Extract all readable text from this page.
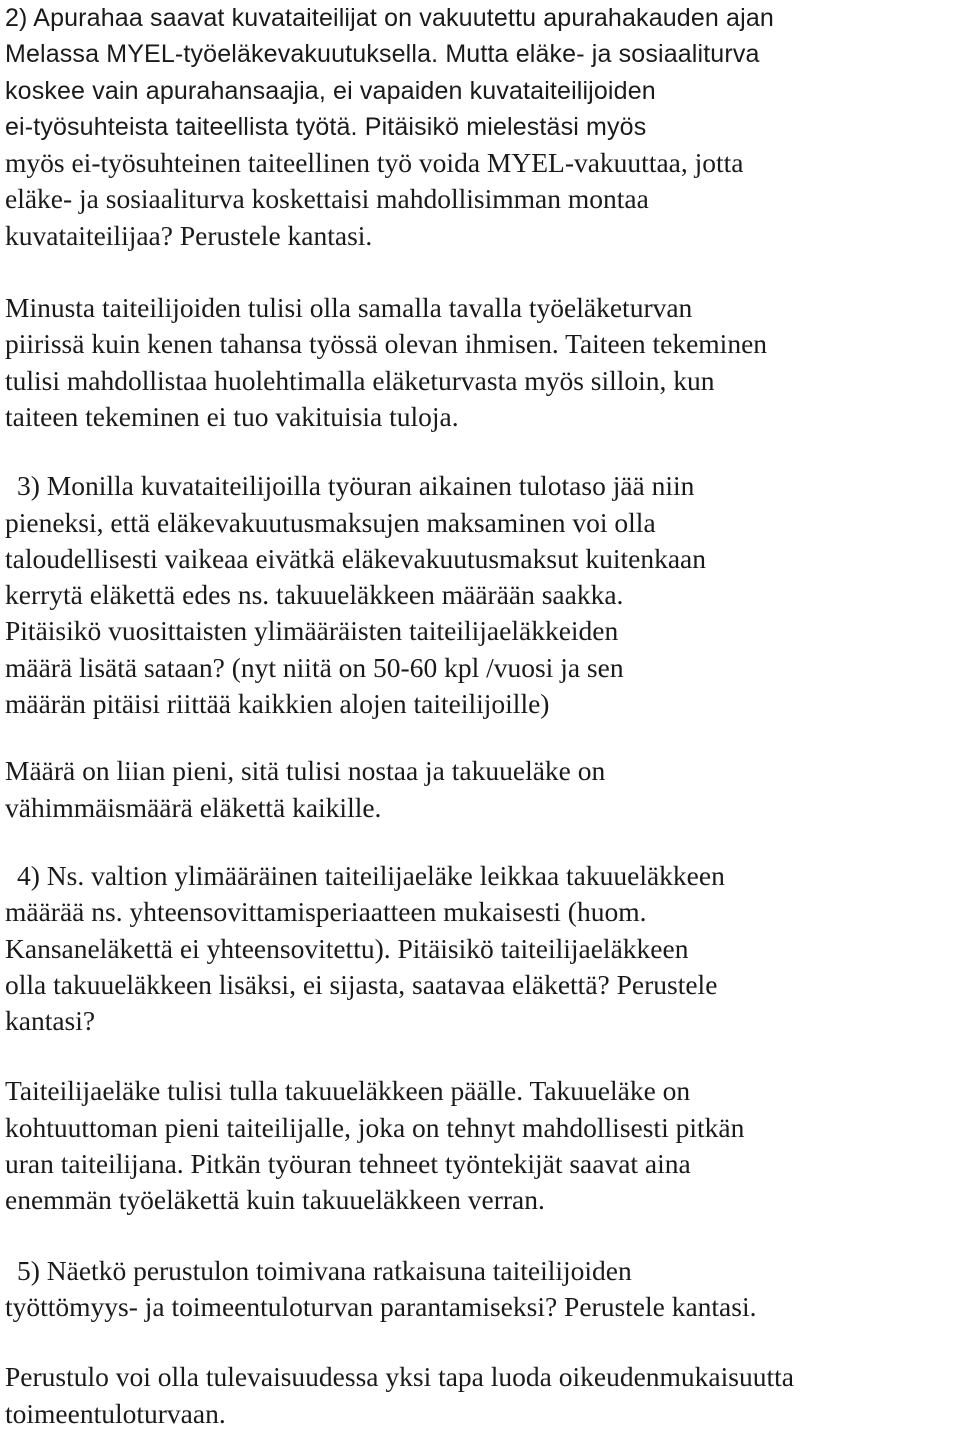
2) Apurahaa saavat kuvataiteilijat on vakuutettu apurahakauden ajan
Melassa MYEL-työeläkevakuutuksella. Mutta eläke- ja sosiaaliturva
koskee vain apurahansaajia, ei vapaiden kuvataiteilijoiden
ei-työsuhteista taiteellista työtä. Pitäisikö mielestäsi myös
myös ei-työsuhteinen taiteellinen työ voida MYEL-vakuuttaa, jotta
eläke- ja sosiaaliturva koskettaisi mahdollisimman montaa
kuvataiteilijaa? Perustele kantasi.
Minusta taiteilijoiden tulisi olla samalla tavalla työeläketurvan
piirissä kuin kenen tahansa työssä olevan ihmisen. Taiteen tekeminen
tulisi mahdollistaa huolehtimalla eläketurvasta myös silloin, kun
taiteen tekeminen ei tuo vakituisia tuloja.
3) Monilla kuvataiteilijoilla työuran aikainen tulotaso jää niin
pieneksi, että eläkevakuutusmaksujen maksaminen voi olla
taloudellisesti vaikeaa eivätkä eläkevakuutusmaksut kuitenkaan
kerrytä eläkettä edes ns. takuueläkkeen määrään saakka.
Pitäisikö vuosittaisten ylimääräisten taiteilijaeläkkeiden
määrä lisätä sataan? (nyt niitä on 50-60 kpl /vuosi ja sen
määrän pitäisi riittää kaikkien alojen taiteilijoille)
Määrä on liian pieni, sitä tulisi nostaa ja takuueläke on
vähimmäismäärä eläkettä kaikille.
4) Ns. valtion ylimääräinen taiteilijaeläke leikkaa takuueläkkeen
määrää ns. yhteensovittamisperiaatteen mukaisesti (huom.
Kansaneläkettä ei yhteensovitettu). Pitäisikö taiteilijaeläkkeen
olla takuueläkkeen lisäksi, ei sijasta, saatavaa eläkettä? Perustele
kantasi?
Taiteilijaeläke tulisi tulla takuueläkkeen päälle. Takuueläke on
kohtuuttoman pieni taiteilijalle, joka on tehnyt mahdollisesti pitkän
uran taiteilijana. Pitkän työuran tehneet työntekijät saavat aina
enemmän työeläkettä kuin takuueläkkeen verran.
5) Näetkö perustulon toimivana ratkaisuna taiteilijoiden
työttömyys- ja toimeentuloturvan parantamiseksi? Perustele kantasi.
Perustulo voi olla tulevaisuudessa yksi tapa luoda oikeudenmukaisuutta
toimeentuloturvaan.
